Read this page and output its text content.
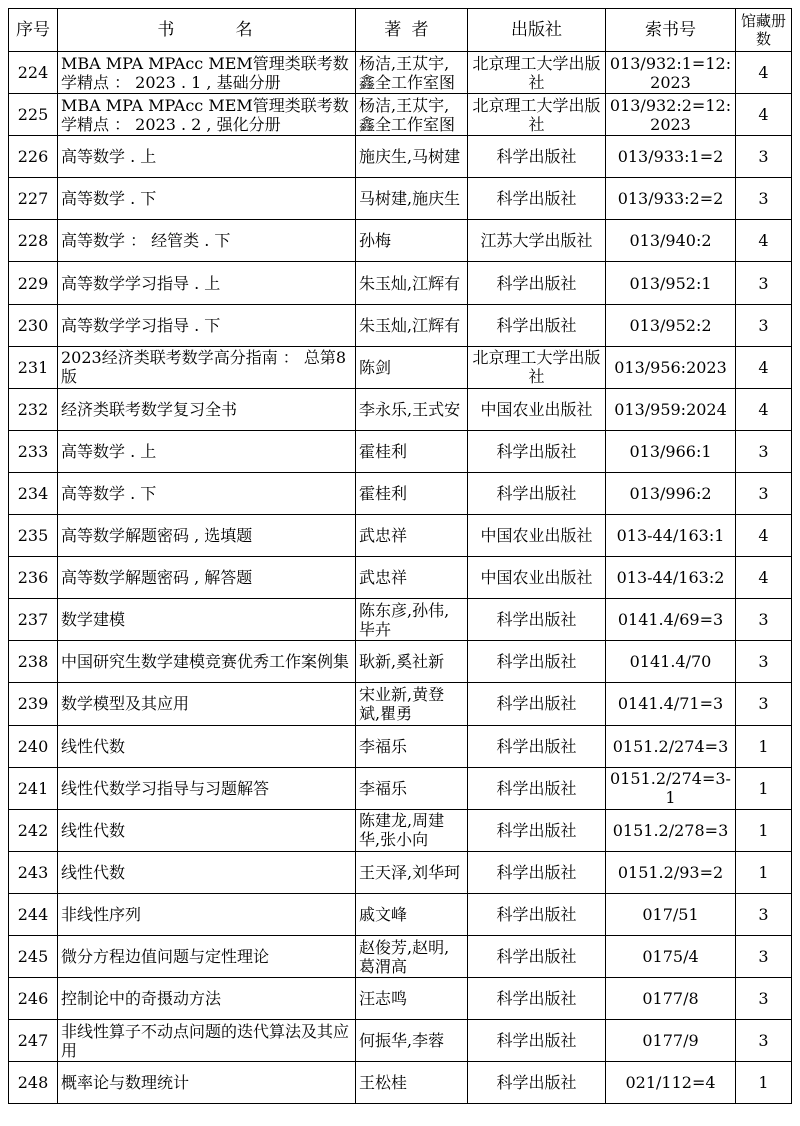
序号	书名	著者	出版社	索书号	馆藏册数
224	MBA MPA MPAcc MEM管理类联考数学精点 ： 2023 . 1 , 基础分册	杨洁,王苁宇,鑫全工作室图	北京理工大学出版社	013/932:1=12:2023	4
225	MBA MPA MPAcc MEM管理类联考数学精点 ： 2023 . 2 , 强化分册	杨洁,王苁宇,鑫全工作室图	北京理工大学出版社	013/932:2=12:2023	4
226	高等数学 . 上	施庆生,马树建	科学出版社	013/933:1=2	3
227	高等数学 . 下	马树建,施庆生	科学出版社	013/933:2=2	3
228	高等数学 ： 经管类 . 下	孙梅	江苏大学出版社	013/940:2	4
229	高等数学学习指导 . 上	朱玉灿,江辉有	科学出版社	013/952:1	3
230	高等数学学习指导 . 下	朱玉灿,江辉有	科学出版社	013/952:2	3
231	2023经济类联考数学高分指南 ： 总第8版	陈剑	北京理工大学出版社	013/956:2023	4
232	经济类联考数学复习全书	李永乐,王式安	中国农业出版社	013/959:2024	4
233	高等数学 . 上	霍桂利	科学出版社	013/966:1	3
234	高等数学 . 下	霍桂利	科学出版社	013/996:2	3
235	高等数学解题密码 , 选填题	武忠祥	中国农业出版社	013-44/163:1	4
236	高等数学解题密码 , 解答题	武忠祥	中国农业出版社	013-44/163:2	4
237	数学建模	陈东彦,孙伟,毕卉	科学出版社	0141.4/69=3	3
238	中国研究生数学建模竞赛优秀工作案例集	耿新,奚社新	科学出版社	0141.4/70	3
239	数学模型及其应用	宋业新,黄登斌,瞿勇	科学出版社	0141.4/71=3	3
240	线性代数	李福乐	科学出版社	0151.2/274=3	1
241	线性代数学习指导与习题解答	李福乐	科学出版社	0151.2/274=3-1	1
242	线性代数	陈建龙,周建华,张小向	科学出版社	0151.2/278=3	1
243	线性代数	王天泽,刘华珂	科学出版社	0151.2/93=2	1
244	非线性序列	戚文峰	科学出版社	017/51	3
245	微分方程边值问题与定性理论	赵俊芳,赵明,葛渭高	科学出版社	0175/4	3
246	控制论中的奇摄动方法	汪志鸣	科学出版社	0177/8	3
247	非线性算子不动点问题的迭代算法及其应用	何振华,李蓉	科学出版社	0177/9	3
248	概率论与数理统计	王松桂	科学出版社	021/112=4	1
